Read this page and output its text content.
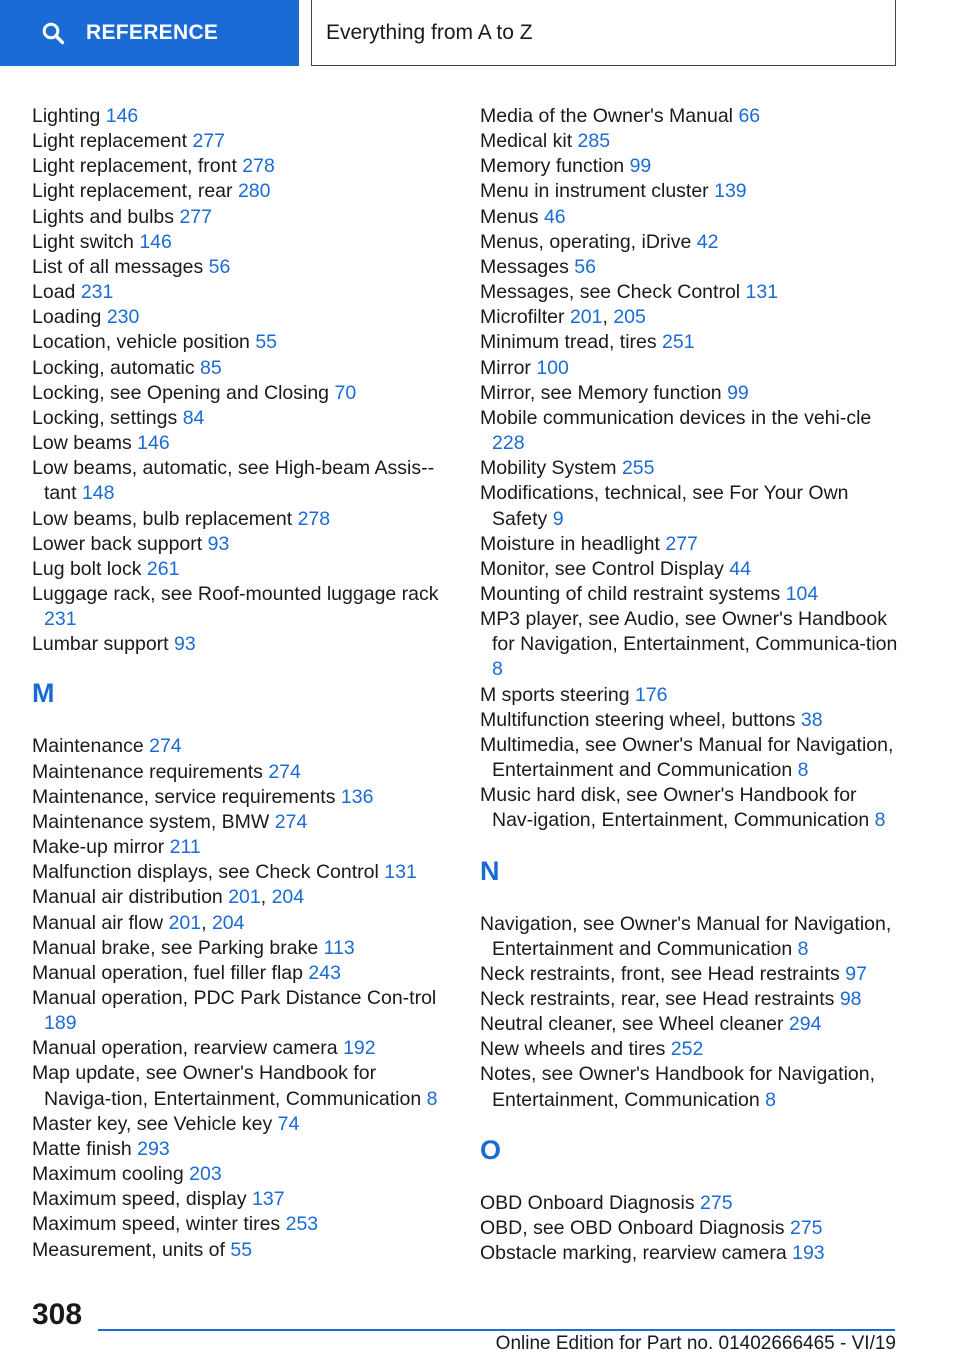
REFERENCE	Everything from A to Z
Lighting 146
Light replacement 277
Light replacement, front 278
Light replacement, rear 280
Lights and bulbs 277
Light switch 146
List of all messages 56
Load 231
Loading 230
Location, vehicle position 55
Locking, automatic 85
Locking, see Opening and Closing 70
Locking, settings 84
Low beams 146
Low beams, automatic, see High-beam Assis-tant 148
Low beams, bulb replacement 278
Lower back support 93
Lug bolt lock 261
Luggage rack, see Roof-mounted luggage rack 231
Lumbar support 93
M
Maintenance 274
Maintenance requirements 274
Maintenance, service requirements 136
Maintenance system, BMW 274
Make-up mirror 211
Malfunction displays, see Check Control 131
Manual air distribution 201, 204
Manual air flow 201, 204
Manual brake, see Parking brake 113
Manual operation, fuel filler flap 243
Manual operation, PDC Park Distance Con-trol 189
Manual operation, rearview camera 192
Map update, see Owner's Handbook for Naviga-tion, Entertainment, Communication 8
Master key, see Vehicle key 74
Matte finish 293
Maximum cooling 203
Maximum speed, display 137
Maximum speed, winter tires 253
Measurement, units of 55
Media of the Owner's Manual 66
Medical kit 285
Memory function 99
Menu in instrument cluster 139
Menus 46
Menus, operating, iDrive 42
Messages 56
Messages, see Check Control 131
Microfilter 201, 205
Minimum tread, tires 251
Mirror 100
Mirror, see Memory function 99
Mobile communication devices in the vehi-cle 228
Mobility System 255
Modifications, technical, see For Your Own Safety 9
Moisture in headlight 277
Monitor, see Control Display 44
Mounting of child restraint systems 104
MP3 player, see Audio, see Owner's Handbook for Navigation, Entertainment, Communica-tion 8
M sports steering 176
Multifunction steering wheel, buttons 38
Multimedia, see Owner's Manual for Navigation, Entertainment and Communication 8
Music hard disk, see Owner's Handbook for Nav-igation, Entertainment, Communication 8
N
Navigation, see Owner's Manual for Navigation, Entertainment and Communication 8
Neck restraints, front, see Head restraints 97
Neck restraints, rear, see Head restraints 98
Neutral cleaner, see Wheel cleaner 294
New wheels and tires 252
Notes, see Owner's Handbook for Navigation, Entertainment, Communication 8
O
OBD Onboard Diagnosis 275
OBD, see OBD Onboard Diagnosis 275
Obstacle marking, rearview camera 193
308
Online Edition for Part no. 01402666465 - VI/19
